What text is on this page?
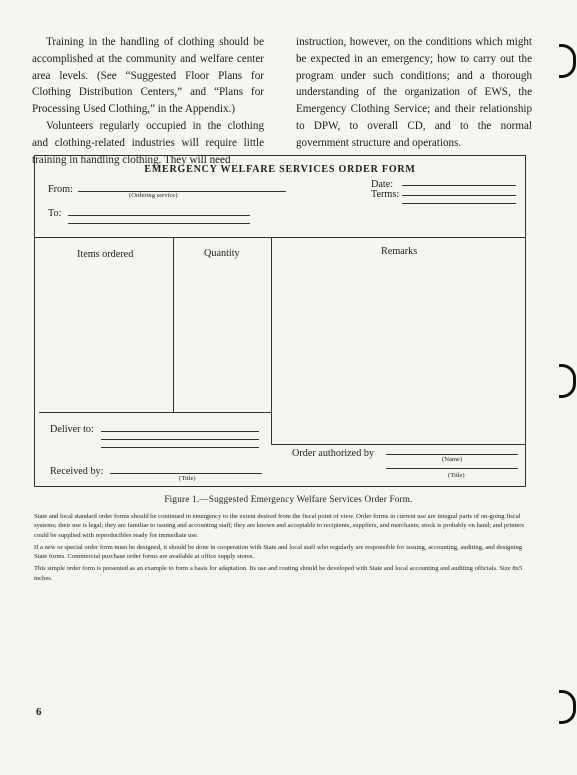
Training in the handling of clothing should be accomplished at the community and welfare center area levels. (See “Suggested Floor Plans for Clothing Distribution Centers,” and “Plans for Processing Used Clothing,” in the Appendix.)

Volunteers regularly occupied in the clothing and clothing-related industries will require little training in handling clothing. They will need

instruction, however, on the conditions which might be expected in an emergency; how to carry out the program under such conditions; and a thorough understanding of the organization of EWS, the Emergency Clothing Service; and their relationship to DPW, to overall CD, and to the normal government structure and operations.

EMERGENCY WELFARE SERVICES ORDER FORM
From:
(Ordering service)
To:
Date:
Terms:
Items ordered	Quantity	Remarks
Deliver to:
Order authorized by
(Name)
(Title)
Received by:
(Title)
Figure 1.—Suggested Emergency Welfare Services Order Form.

State and local standard order forms should be continued in emergency to the extent desired from the fiscal point of view. Order forms in current use are integral parts of on-going fiscal systems; their use is legal; they are familiar to issuing and accounting staff; they are known and acceptable to recipients, suppliers, and merchants; stock is probably on hand; and printers could be supplied with reproducibles ready for immediate use.

If a new or special order form must be designed, it should be done in cooperation with State and local staff who regularly are responsible for issuing, accounting, auditing, and designing State forms. Commercial purchase order forms are available at office supply stores.

This simple order form is presented as an example to form a basis for adaptation. Its use and routing should be developed with State and local accounting and auditing officials. Size 8x5 inches.

6
